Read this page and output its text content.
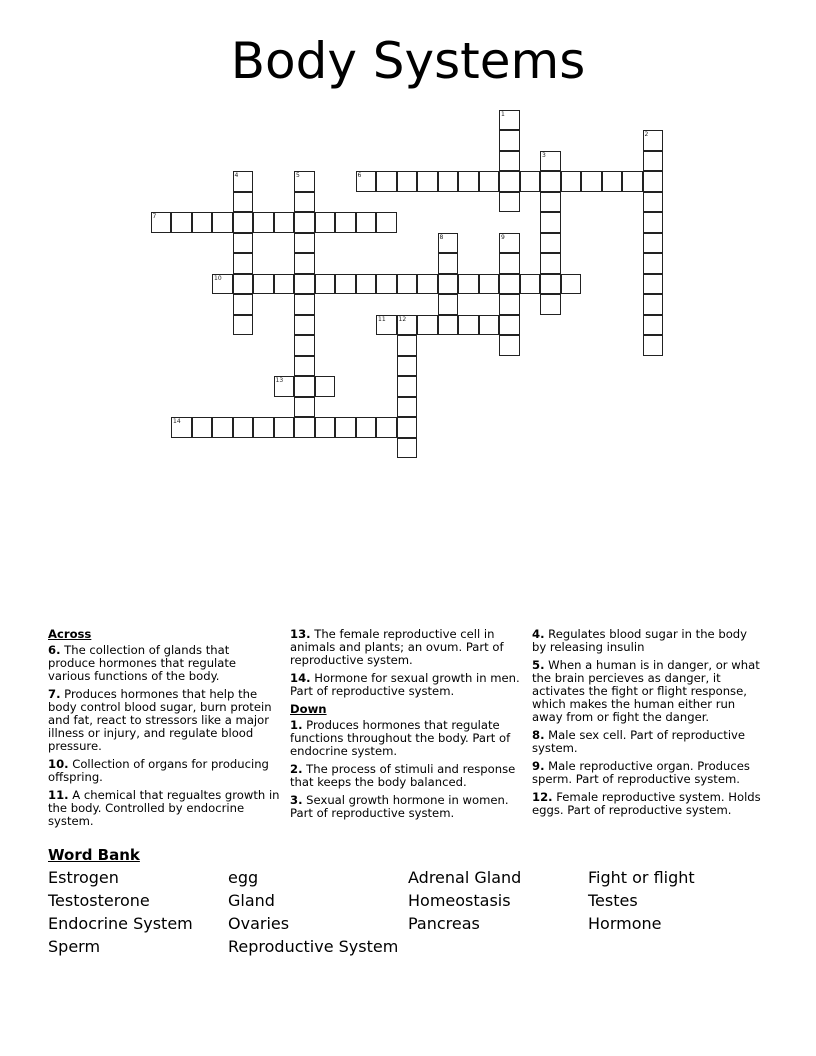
Body Systems
1
2
3
4	5	6
7
8	9
10
11 12
13
14
Across
6. The collection of glands that produce hormones that regulate various functions of the body.
7. Produces hormones that help the body control blood sugar, burn protein and fat, react to stressors like a major illness or injury, and regulate blood pressure.
10. Collection of organs for producing offspring.
11. A chemical that regualtes growth in the body. Controlled by endocrine system.
13. The female reproductive cell in animals and plants; an ovum. Part of reproductive system.
14. Hormone for sexual growth in men. Part of reproductive system.
Down
1. Produces hormones that regulate functions throughout the body. Part of endocrine system.
2. The process of stimuli and response that keeps the body balanced.
3. Sexual growth hormone in women. Part of reproductive system.
4. Regulates blood sugar in the body by releasing insulin
5. When a human is in danger, or what the brain percieves as danger, it activates the fight or flight response, which makes the human either run away from or fight the danger.
8. Male sex cell. Part of reproductive system.
9. Male reproductive organ. Produces sperm. Part of reproductive system.
12. Female reproductive system. Holds eggs. Part of reproductive system.
Word Bank
Estrogen
Testosterone
Endocrine System
Sperm
egg
Gland
Ovaries
Reproductive System
Adrenal Gland
Homeostasis
Pancreas
Fight or flight
Testes
Hormone
